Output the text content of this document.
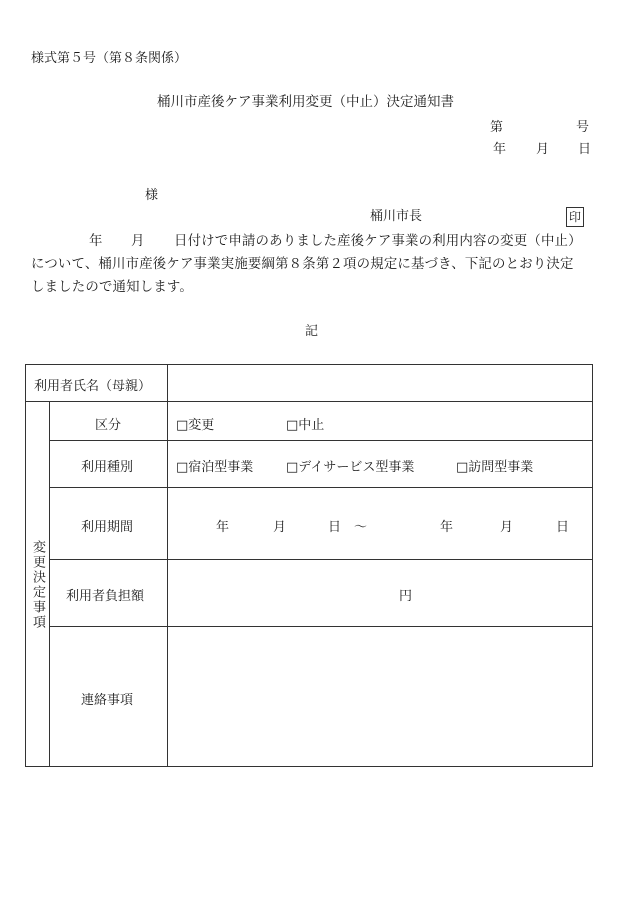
様式第５号（第８条関係）
桶川市産後ケア事業利用変更（中止）決定通知書
第	号
年 月 日
様
桶川市長	印
年 月 日付けで申請のありました産後ケア事業の利用内容の変更（中止）
について、桶川市産後ケア事業実施要綱第８条第２項の規定に基づき、下記のとおり決定
しましたので通知します。
記
利用者氏名（母親）
変更決定事項
区分	□変更	□中止
利用種別	□宿泊型事業	□デイサービス型事業	□訪問型事業
利用期間	年	月	日　～	年	月	日
利用者負担額	円
連絡事項
